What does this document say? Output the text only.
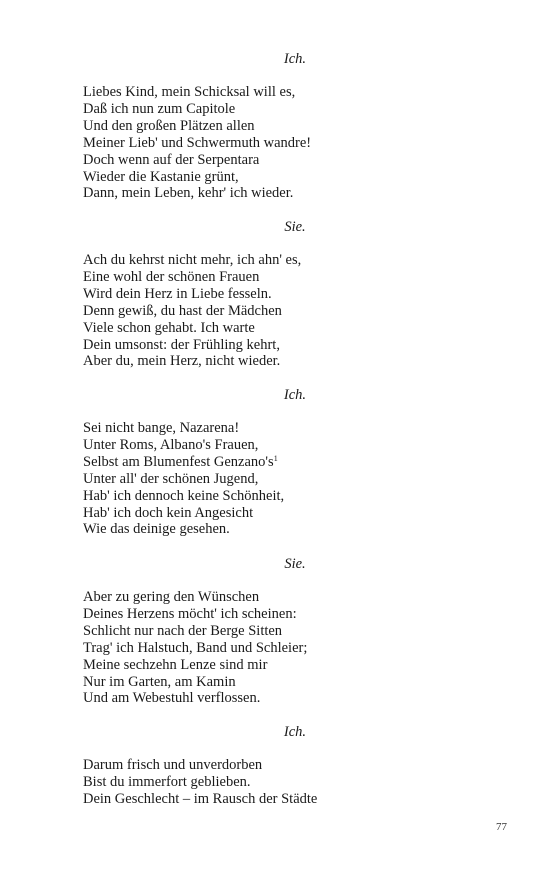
Ich.
Liebes Kind, mein Schicksal will es,
Daß ich nun zum Capitole
Und den großen Plätzen allen
Meiner Lieb' und Schwermuth wandre!
Doch wenn auf der Serpentara
Wieder die Kastanie grünt,
Dann, mein Leben, kehr' ich wieder.
Sie.
Ach du kehrst nicht mehr, ich ahn' es,
Eine wohl der schönen Frauen
Wird dein Herz in Liebe fesseln.
Denn gewiß, du hast der Mädchen
Viele schon gehabt. Ich warte
Dein umsonst: der Frühling kehrt,
Aber du, mein Herz, nicht wieder.
Ich.
Sei nicht bange, Nazarena!
Unter Roms, Albano's Frauen,
Selbst am Blumenfest $Genzano's^1$
Unter all' der schönen Jugend,
Hab' ich dennoch keine Schönheit,
Hab' ich doch kein Angesicht
Wie das deinige gesehen.
Sie.
Aber zu gering den Wünschen
Deines Herzens möcht' ich scheinen:
Schlicht nur nach der Berge Sitten
Trag' ich Halstuch, Band und Schleier;
Meine sechzehn Lenze sind mir
Nur im Garten, am Kamin
Und am Webestuhl verflossen.
Ich.
Darum frisch und unverdorben
Bist du immerfort geblieben.
Dein Geschlecht – im Rausch der Städte
77
